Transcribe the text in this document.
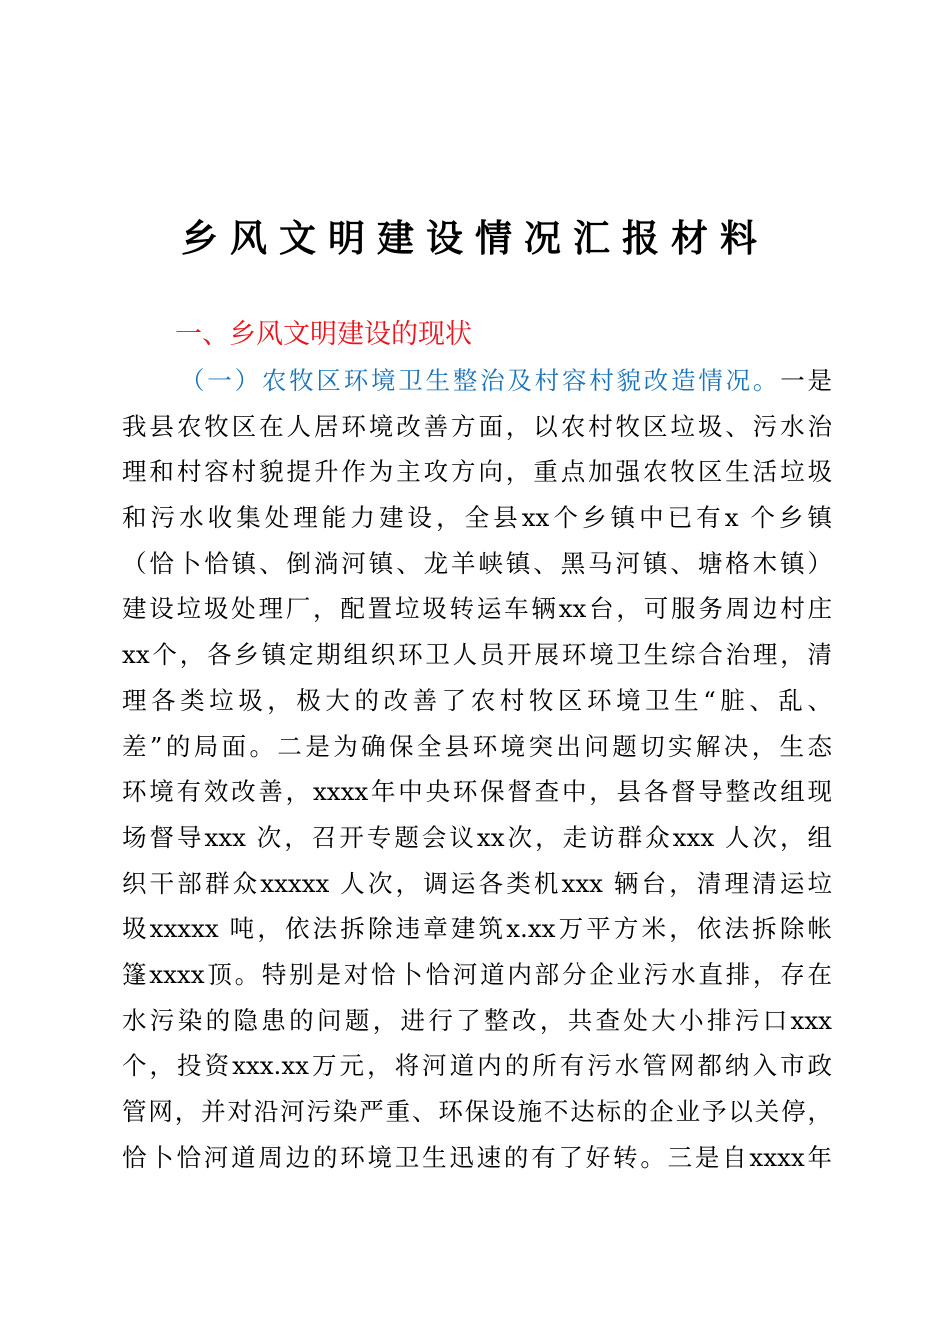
乡风文明建设情况汇报材料
一、乡风文明建设的现状
（一）农牧区环境卫生整治及村容村貌改造情况。一是
我县农牧区在人居环境改善方面，以农村牧区垃圾、污水治
理和村容村貌提升作为主攻方向，重点加强农牧区生活垃圾
和污水收集处理能力建设，全县xx个乡镇中已有x 个乡镇
（恰卜恰镇、倒淌河镇、龙羊峡镇、黑马河镇、塘格木镇）
建设垃圾处理厂，配置垃圾转运车辆xx台，可服务周边村庄
xx个，各乡镇定期组织环卫人员开展环境卫生综合治理，清
理各类垃圾，极大的改善了农村牧区环境卫生“脏、乱、
差”的局面。二是为确保全县环境突出问题切实解决，生态
环境有效改善，xxxx年中央环保督查中，县各督导整改组现
场督导xxx 次，召开专题会议xx次，走访群众xxx 人次，组
织干部群众xxxxx 人次，调运各类机xxx 辆台，清理清运垃
圾xxxxx 吨，依法拆除违章建筑x.xx万平方米，依法拆除帐
篷xxxx顶。特别是对恰卜恰河道内部分企业污水直排，存在
水污染的隐患的问题，进行了整改，共查处大小排污口xxx
个，投资xxx.xx万元，将河道内的所有污水管网都纳入市政
管网，并对沿河污染严重、环保设施不达标的企业予以关停，
恰卜恰河道周边的环境卫生迅速的有了好转。三是自xxxx年
